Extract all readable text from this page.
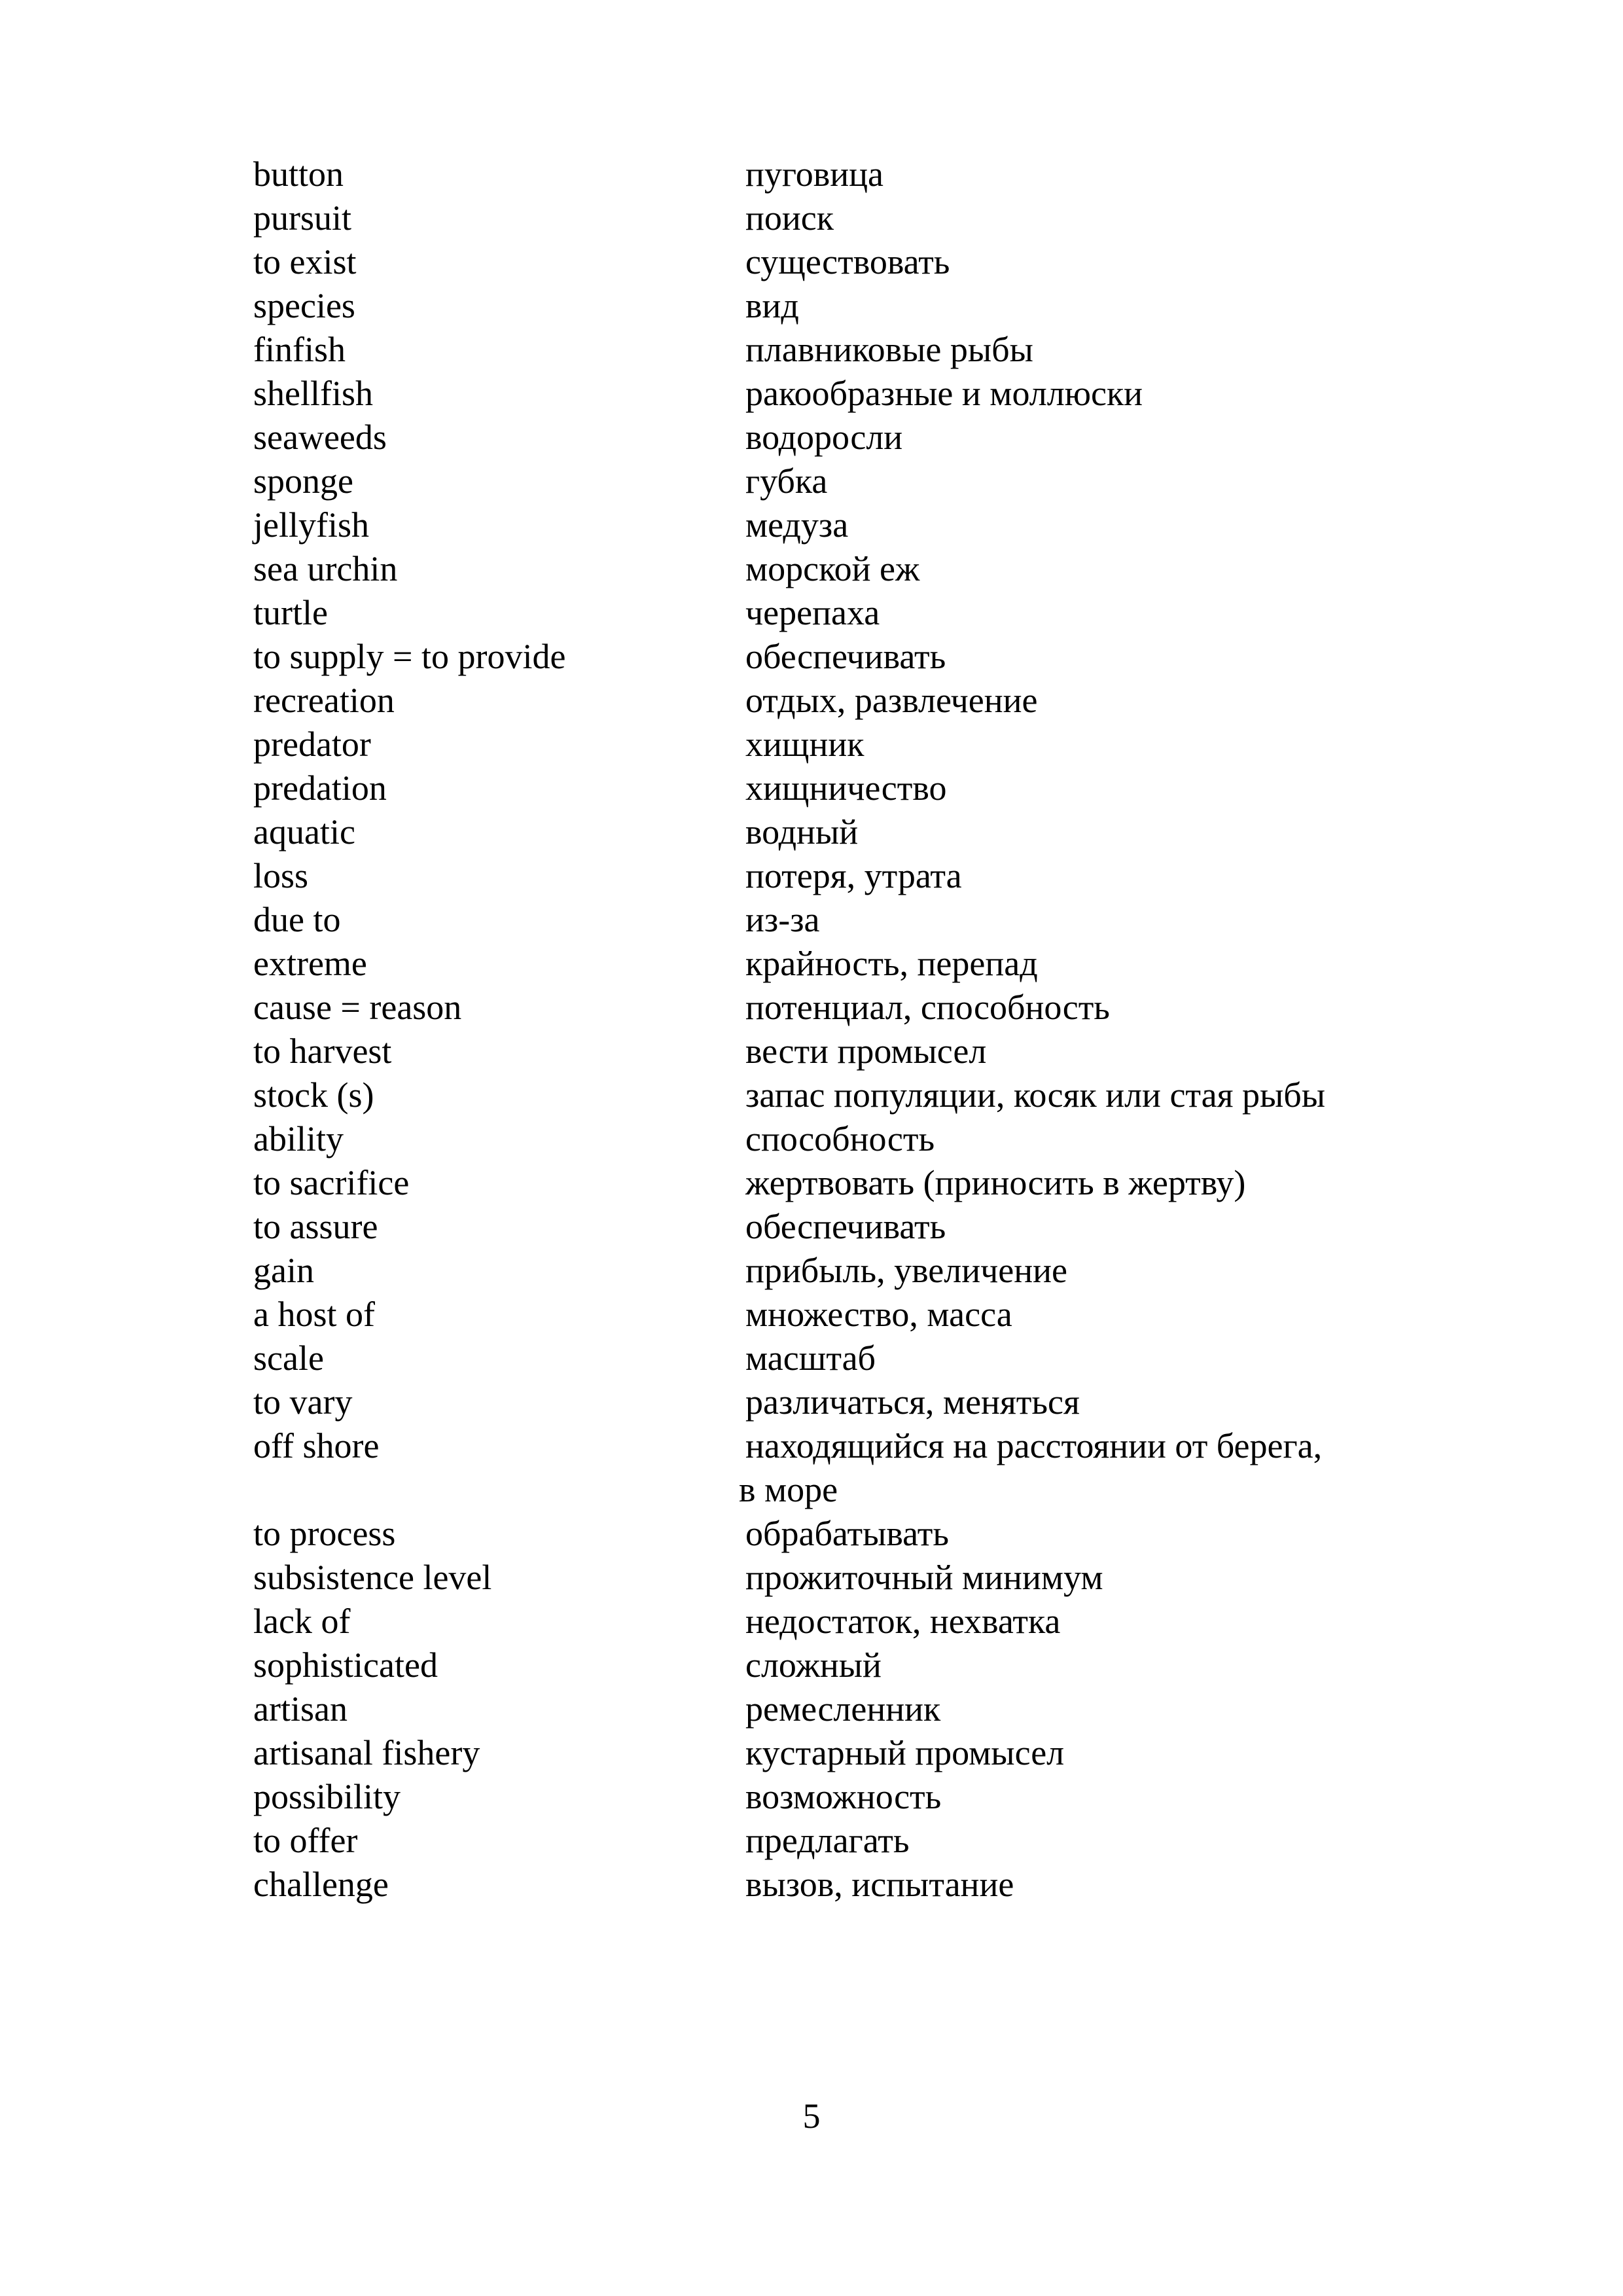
button	пуговица
pursuit	поиск
to exist	существовать
species	вид
finfish	плавниковые рыбы
shellfish	ракообразные и моллюски
seaweeds	водоросли
sponge	губка
jellyfish	медуза
sea urchin	морской еж
turtle	черепаха
to supply = to provide	обеспечивать
recreation	отдых, развлечение
predator	хищник
predation	хищничество
aquatic	водный
loss	потеря, утрата
due to	из-за
extreme	крайность, перепад
cause = reason	потенциал, способность
to harvest	вести промысел
stock (s)	запас популяции, косяк или стая рыбы
ability	способность
to sacrifice	жертвовать (приносить в жертву)
to assure	обеспечивать
gain	прибыль, увеличение
a host of	множество, масса
scale	масштаб
to vary	различаться, меняться
off shore	находящийся на расстоянии от берега,
в море
to process	обрабатывать
subsistence level	прожиточный минимум
lack of	недостаток, нехватка
sophisticated	сложный
artisan	ремесленник
artisanal fishery	кустарный промысел
possibility	возможность
to offer	предлагать
challenge	вызов, испытание
5
